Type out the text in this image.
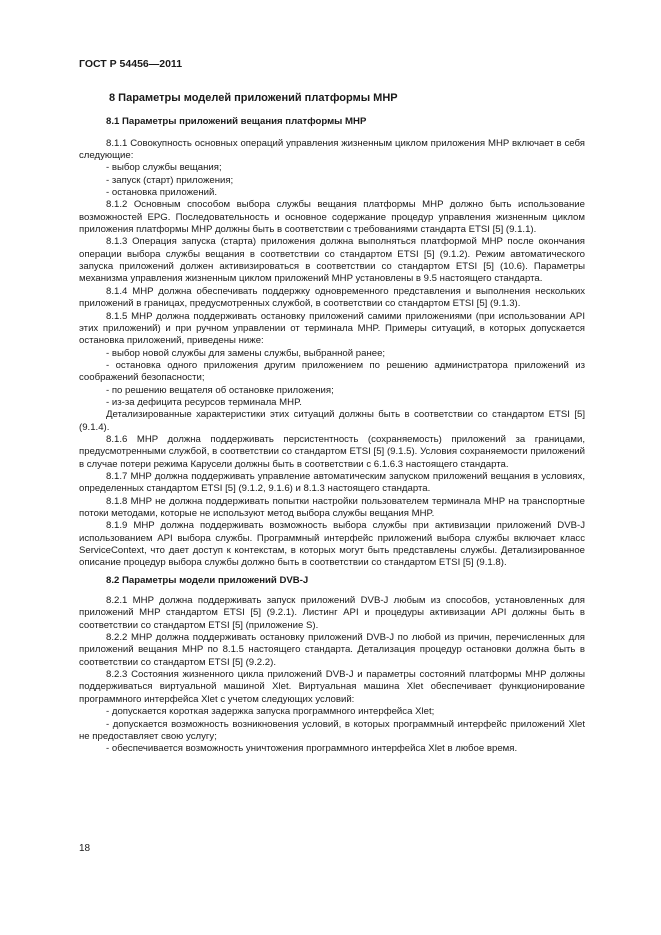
ГОСТ Р 54456—2011
8 Параметры моделей приложений платформы MHP
8.1 Параметры приложений вещания платформы MHP

8.1.1 Совокупность основных операций управления жизненным циклом приложения MHP включает в себя следующие:

- выбор службы вещания;

- запуск (старт) приложения;

- остановка приложений.

8.1.2 Основным способом выбора службы вещания платформы MHP должно быть использование возможностей EPG. Последовательность и основное содержание процедур управления жизненным циклом приложения платформы MHP должны быть в соответствии с требованиями стандарта ETSI [5] (9.1.1).

8.1.3 Операция запуска (старта) приложения должна выполняться платформой MHP после окончания операции выбора службы вещания в соответствии со стандартом ETSI [5] (9.1.2). Режим автоматического запуска приложений должен активизироваться в соответствии со стандартом ETSI [5] (10.6). Параметры механизма управления жизненным циклом приложений MHP установлены в 9.5 настоящего стандарта.

8.1.4 MHP должна обеспечивать поддержку одновременного представления и выполнения нескольких приложений в границах, предусмотренных службой, в соответствии со стандартом ETSI [5] (9.1.3).

8.1.5 MHP должна поддерживать остановку приложений самими приложениями (при использовании API этих приложений) и при ручном управлении от терминала MHP. Примеры ситуаций, в которых допускается остановка приложений, приведены ниже:

- выбор новой службы для замены службы, выбранной ранее;

- остановка одного приложения другим приложением по решению администратора приложений из соображений безопасности;

- по решению вещателя об остановке приложения;

- из-за дефицита ресурсов терминала MHP.

Детализированные характеристики этих ситуаций должны быть в соответствии со стандартом ETSI [5] (9.1.4).

8.1.6 MHP должна поддерживать персистентность (сохраняемость) приложений за границами, предусмотренными службой, в соответствии со стандартом ETSI [5] (9.1.5). Условия сохраняемости приложений в случае потери режима Карусели должны быть в соответствии с 6.1.6.3 настоящего стандарта.

8.1.7 MHP должна поддерживать управление автоматическим запуском приложений вещания в условиях, определенных стандартом ETSI [5] (9.1.2, 9.1.6) и 8.1.3 настоящего стандарта.

8.1.8 MHP не должна поддерживать попытки настройки пользователем терминала MHP на транспортные потоки методами, которые не используют метод выбора службы вещания MHP.

8.1.9 MHP должна поддерживать возможность выбора службы при активизации приложений DVB-J использованием API выбора службы. Программный интерфейс приложений выбора службы включает класс ServiceContext, что дает доступ к контекстам, в которых могут быть представлены службы. Детализированное описание процедур выбора службы должно быть в соответствии со стандартом ETSI [5] (9.1.8).

8.2 Параметры модели приложений DVB-J

8.2.1 MHP должна поддерживать запуск приложений DVB-J любым из способов, установленных для приложений MHP стандартом ETSI [5] (9.2.1). Листинг API и процедуры активизации API должны быть в соответствии со стандартом ETSI [5] (приложение S).

8.2.2 MHP должна поддерживать остановку приложений DVB-J по любой из причин, перечисленных для приложений вещания MHP по 8.1.5 настоящего стандарта. Детализация процедур остановки должна быть в соответствии со стандартом ETSI [5] (9.2.2).

8.2.3 Состояния жизненного цикла приложений DVB-J и параметры состояний платформы MHP должны поддерживаться виртуальной машиной Xlet. Виртуальная машина Xlet обеспечивает функционирование программного интерфейса Xlet с учетом следующих условий:

- допускается короткая задержка запуска программного интерфейса Xlet;

- допускается возможность возникновения условий, в которых программный интерфейс приложений Xlet не предоставляет свою услугу;

- обеспечивается возможность уничтожения программного интерфейса Xlet в любое время.

18
